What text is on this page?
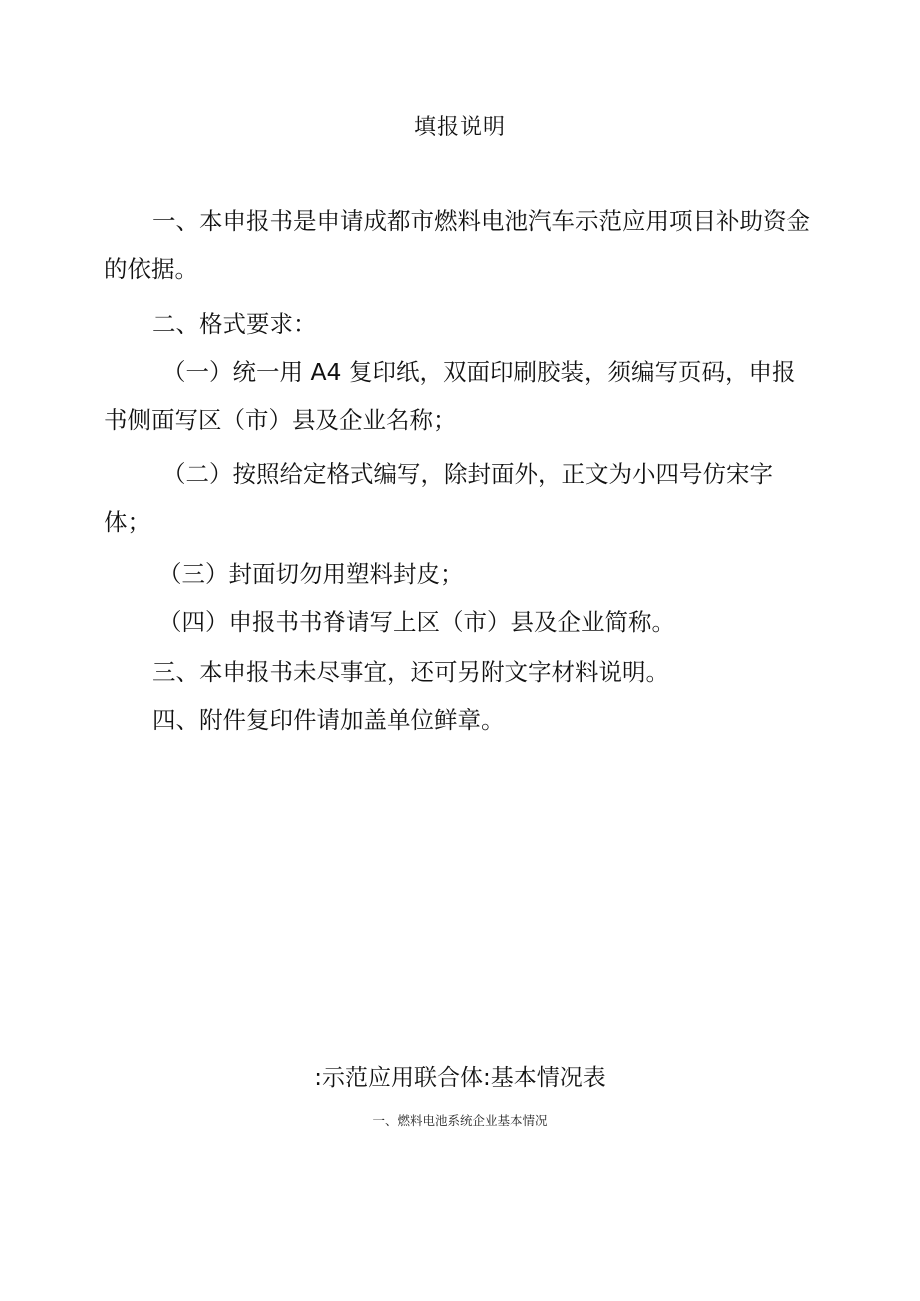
填报说明

一、本申报书是申请成都市燃料电池汽车示范应用项目补助资金的依据。

二、格式要求：

（一）统一用 A4 复印纸，双面印刷胶装，须编写页码，申报书侧面写区（市）县及企业名称；

（二）按照给定格式编写，除封面外，正文为小四号仿宋字体；

（三）封面切勿用塑料封皮；

（四）申报书书脊请写上区（市）县及企业简称。

三、本申报书未尽事宜，还可另附文字材料说明。

四、附件复印件请加盖单位鲜章。

:示范应用联合体:基本情况表
一、燃料电池系统企业基本情况
